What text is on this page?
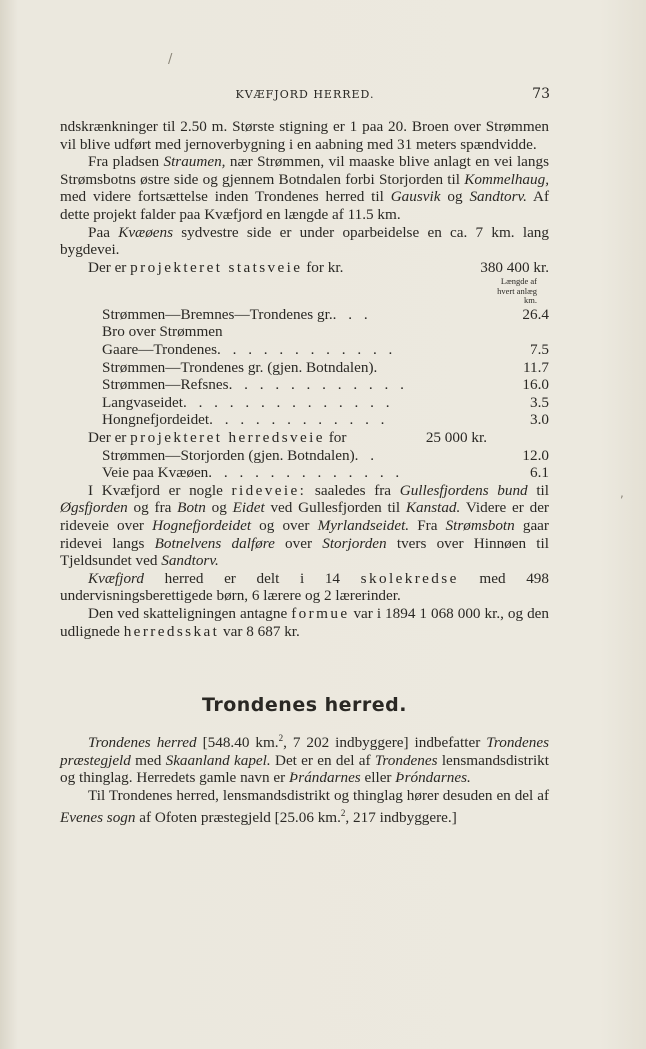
/
,
KVÆFJORD HERRED.	73

ndskrænkninger til 2.50 m. Største stigning er 1 paa 20. Broen over Strømmen vil blive udført med jernoverbygning i en aabning med 31 meters spændvidde.

Fra pladsen Straumen, nær Strømmen, vil maaske blive anlagt en vei langs Strømsbotns østre side og gjennem Botndalen forbi Storjorden til Kommelhaug, med videre fortsættelse inden Trondenes herred til Gausvik og Sandtorv. Af dette projekt falder paa Kvæfjord en længde af 11.5 km.

Paa Kvæøens sydvestre side er under oparbeidelse en ca. 7 km. lang bygdevei.

Der er projekteret statsveie for kr.	380 400 kr.
Længde af
hvert anlæg
km.
Strømmen—Bremnes—Trondenes gr. . . .	26.4
Bro over Strømmen
Gaare—Trondenes . . . . . . . . . . . .	7.5
Strømmen—Trondenes gr. (gjen. Botndalen) .	11.7
Strømmen—Refsnes . . . . . . . . . . . .	16.0
Langvaseidet . . . . . . . . . . . . . .	3.5
Hongnefjordeidet . . . . . . . . . . . .	3.0
Der er projekteret herredsveie for	25 000 kr.
Strømmen—Storjorden (gjen. Botndalen) . .	12.0
Veie paa Kvæøen . . . . . . . . . . . . .	6.1

I Kvæfjord er nogle rideveie: saaledes fra Gullesfjordens bund til Øgsfjorden og fra Botn og Eidet ved Gullesfjorden til Kanstad. Videre er der rideveie over Hognefjordeidet og over Myrlandseidet. Fra Strømsbotn gaar ridevei langs Botnelvens dalføre over Storjorden tvers over Hinnøen til Tjeldsundet ved Sandtorv.

Kvæfjord herred er delt i 14 skolekredse med 498 undervisningsberettigede børn, 6 lærere og 2 lærerinder.

Den ved skatteligningen antagne formue var i 1894 1 068 000 kr., og den udlignede herredsskat var 8 687 kr.

Trondenes herred.

Trondenes herred [548.40 km.$^2$, 7 202 indbyggere] indbefatter Trondenes præstegjeld med Skaanland kapel. Det er en del af Trondenes lensmandsdistrikt og thinglag. Herredets gamle navn er Þrándarnes eller Þróndarnes.

Til Trondenes herred, lensmandsdistrikt og thinglag hører desuden en del af Evenes sogn af Ofoten præstegjeld [25.06 km.$^2$, 217 indbyggere.]
